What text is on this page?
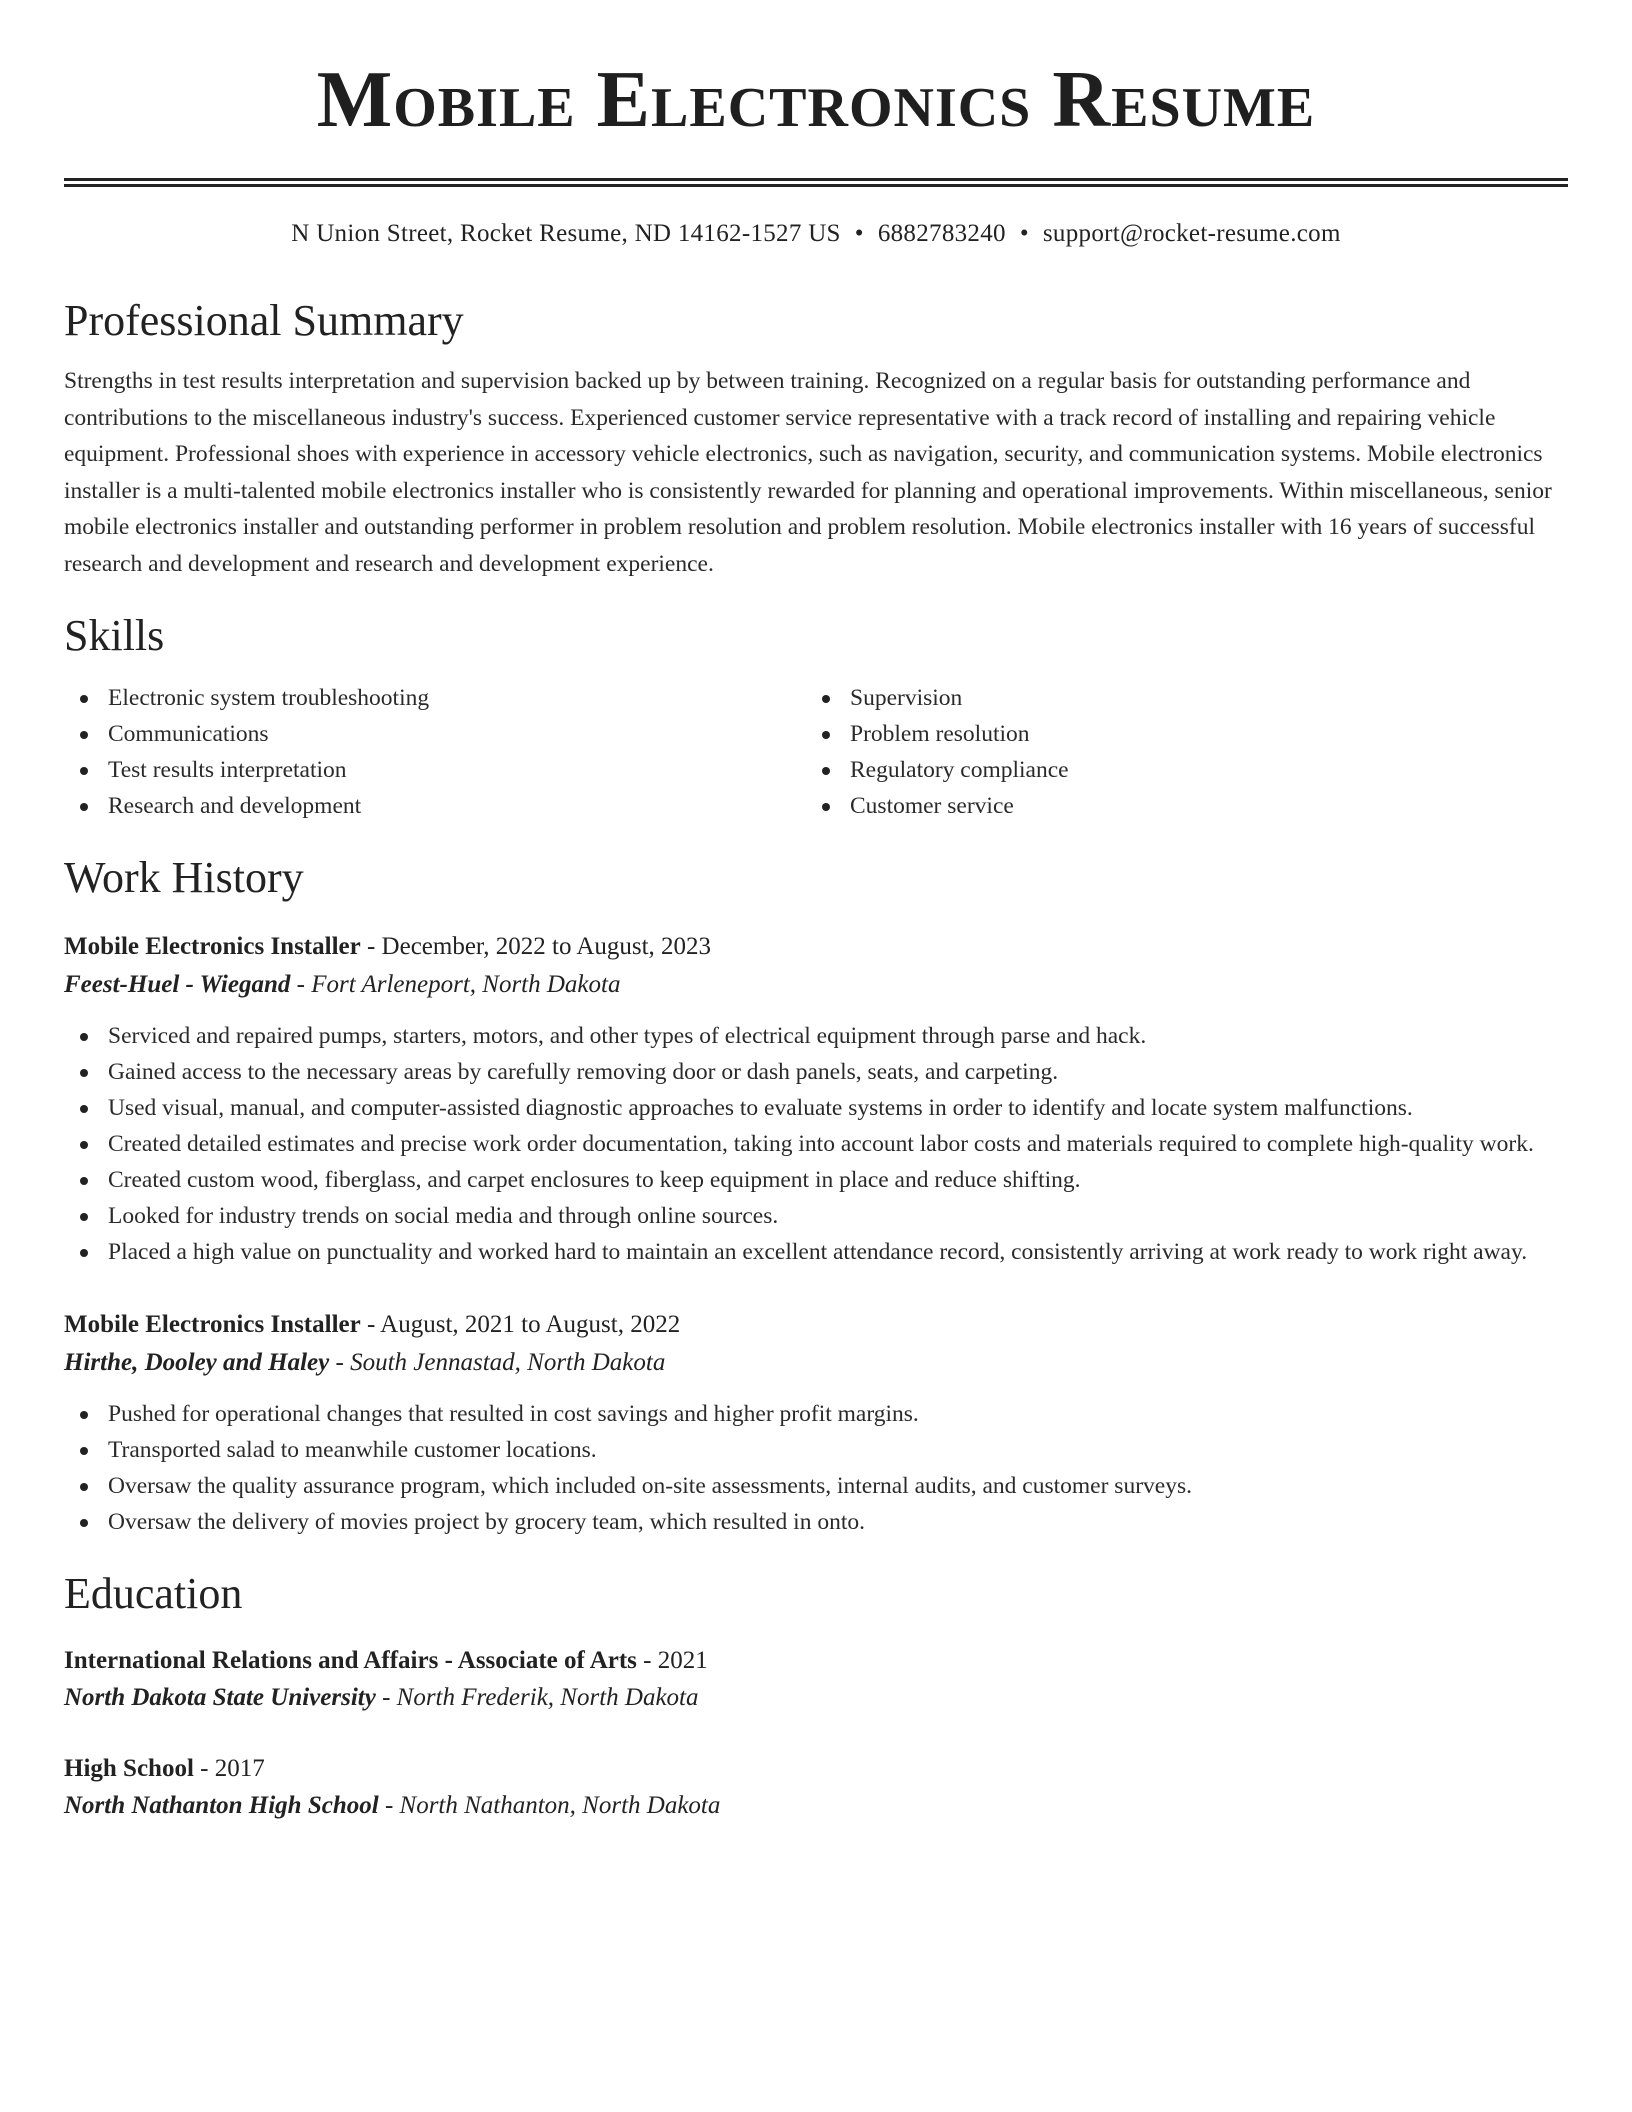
Mobile Electronics Resume
N Union Street, Rocket Resume, ND 14162-1527 US • 6882783240 • support@rocket-resume.com
Professional Summary

Strengths in test results interpretation and supervision backed up by between training. Recognized on a regular basis for outstanding performance and contributions to the miscellaneous industry's success. Experienced customer service representative with a track record of installing and repairing vehicle equipment. Professional shoes with experience in accessory vehicle electronics, such as navigation, security, and communication systems. Mobile electronics installer is a multi-talented mobile electronics installer who is consistently rewarded for planning and operational improvements. Within miscellaneous, senior mobile electronics installer and outstanding performer in problem resolution and problem resolution. Mobile electronics installer with 16 years of successful research and development and research and development experience.

Skills
Electronic system troubleshooting
Communications
Test results interpretation
Research and development
Supervision
Problem resolution
Regulatory compliance
Customer service
Work History
Mobile Electronics Installer - December, 2022 to August, 2023
Feest-Huel - Wiegand - Fort Arleneport, North Dakota
Serviced and repaired pumps, starters, motors, and other types of electrical equipment through parse and hack.
Gained access to the necessary areas by carefully removing door or dash panels, seats, and carpeting.
Used visual, manual, and computer-assisted diagnostic approaches to evaluate systems in order to identify and locate system malfunctions.
Created detailed estimates and precise work order documentation, taking into account labor costs and materials required to complete high-quality work.
Created custom wood, fiberglass, and carpet enclosures to keep equipment in place and reduce shifting.
Looked for industry trends on social media and through online sources.
Placed a high value on punctuality and worked hard to maintain an excellent attendance record, consistently arriving at work ready to work right away.
Mobile Electronics Installer - August, 2021 to August, 2022
Hirthe, Dooley and Haley - South Jennastad, North Dakota
Pushed for operational changes that resulted in cost savings and higher profit margins.
Transported salad to meanwhile customer locations.
Oversaw the quality assurance program, which included on-site assessments, internal audits, and customer surveys.
Oversaw the delivery of movies project by grocery team, which resulted in onto.
Education
International Relations and Affairs - Associate of Arts - 2021
North Dakota State University - North Frederik, North Dakota
High School - 2017
North Nathanton High School - North Nathanton, North Dakota
